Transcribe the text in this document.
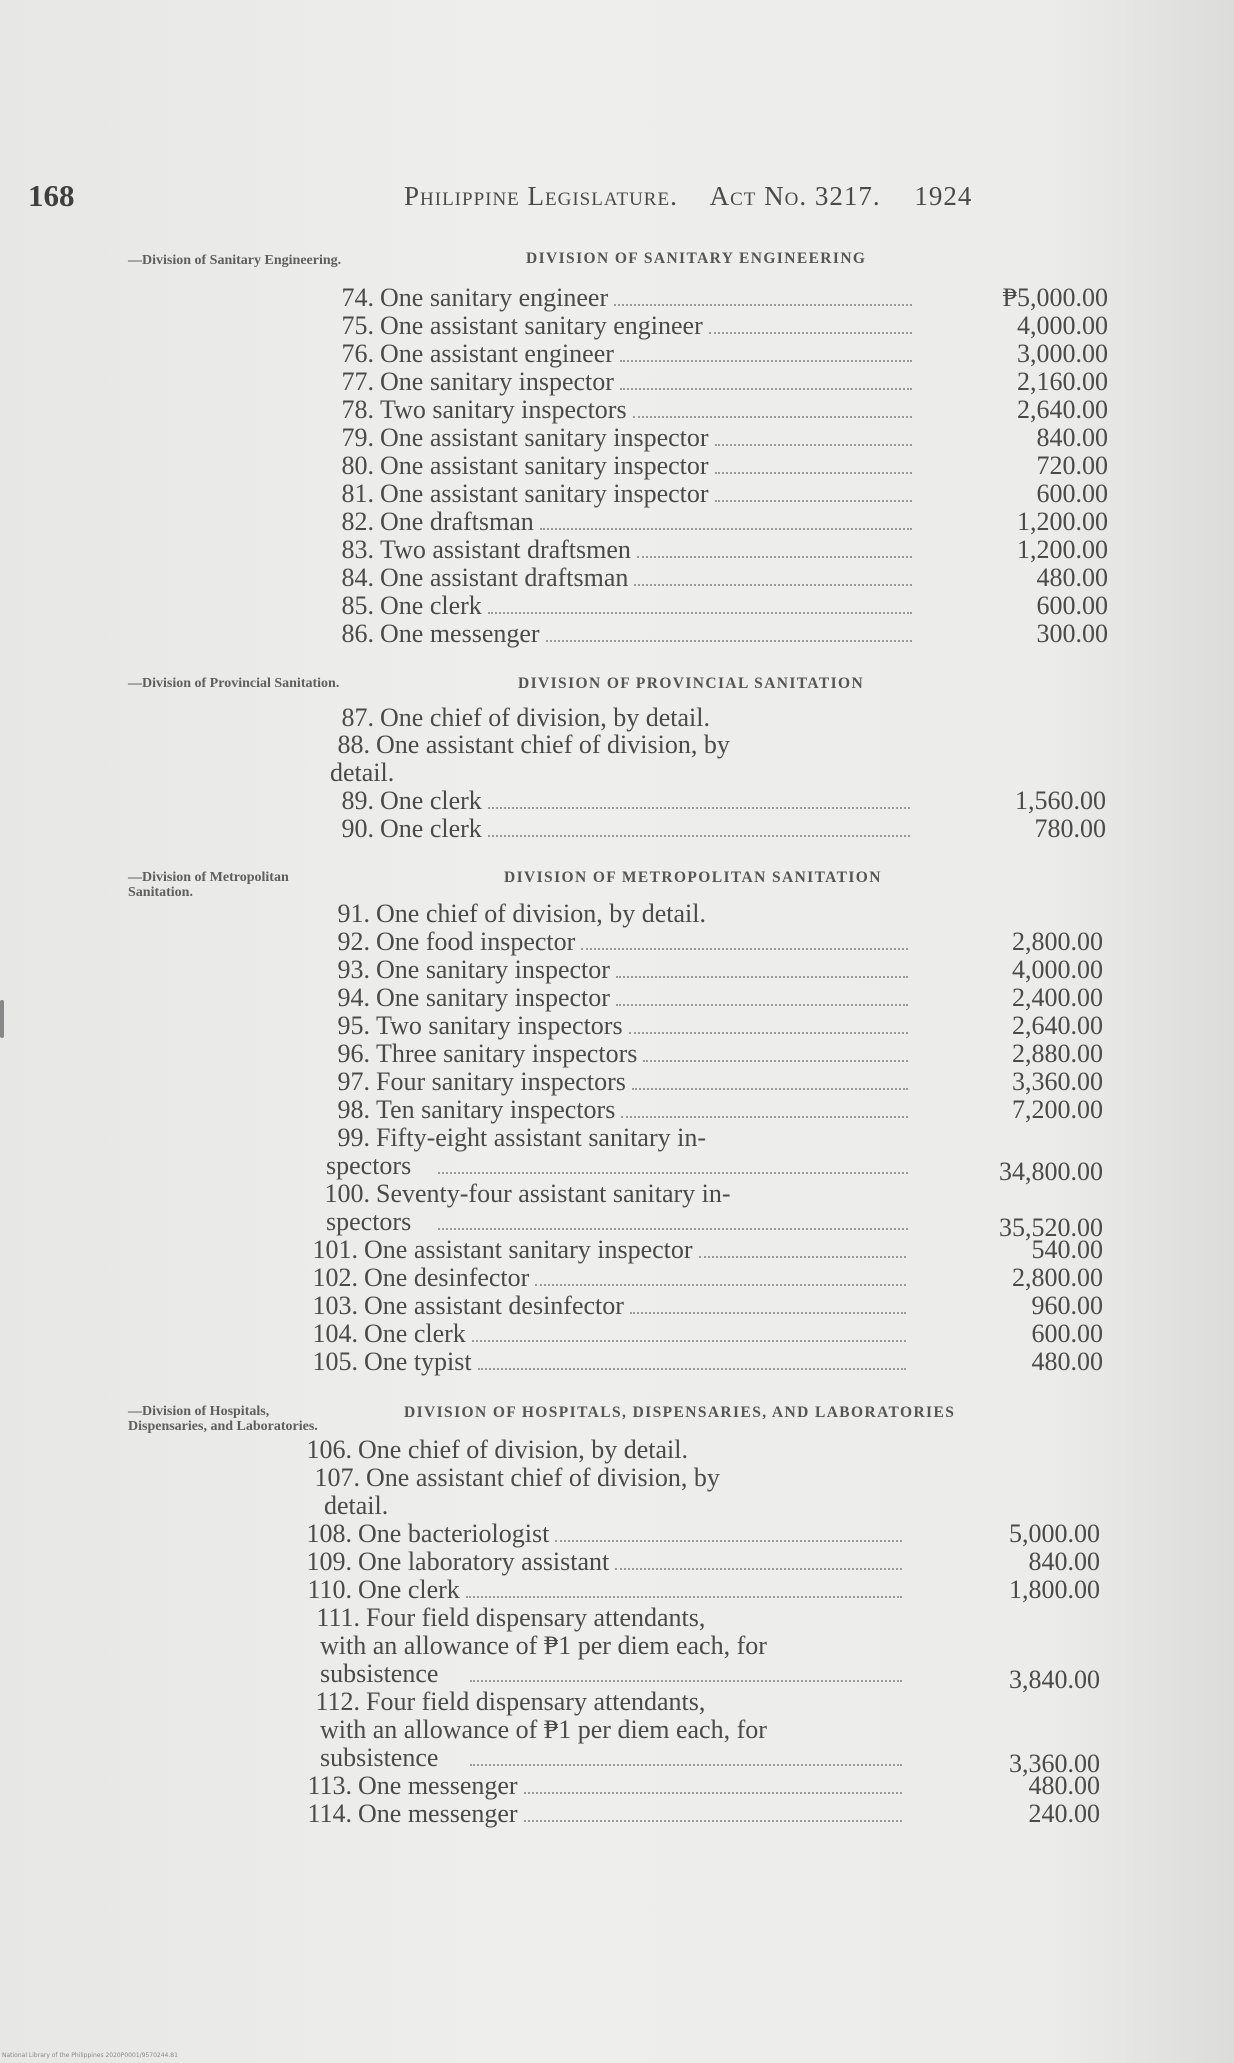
168	Philippine Legislature. Act No. 3217. 1924
—Division of Sanitary Engineering.	DIVISION OF SANITARY ENGINEERING
74. One sanitary engineer	₱5,000.00
75. One assistant sanitary engineer	4,000.00
76. One assistant engineer	3,000.00
77. One sanitary inspector	2,160.00
78. Two sanitary inspectors	2,640.00
79. One assistant sanitary inspector	840.00
80. One assistant sanitary inspector	720.00
81. One assistant sanitary inspector	600.00
82. One draftsman	1,200.00
83. Two assistant draftsmen	1,200.00
84. One assistant draftsman	480.00
85. One clerk	600.00
86. One messenger	300.00
—Division of Provincial Sanitation.	DIVISION OF PROVINCIAL SANITATION
87. One chief of division, by detail.
88. One assistant chief of division, by
detail.
89. One clerk	1,560.00
90. One clerk	780.00
—Division of Metropolitan Sanitation.
DIVISION OF METROPOLITAN SANITATION
91. One chief of division, by detail.
92. One food inspector	2,800.00
93. One sanitary inspector	4,000.00
94. One sanitary inspector	2,400.00
95. Two sanitary inspectors	2,640.00
96. Three sanitary inspectors	2,880.00
97. Four sanitary inspectors	3,360.00
98. Ten sanitary inspectors	7,200.00
99. Fifty-eight assistant sanitary in-
spectors	34,800.00
100. Seventy-four assistant sanitary in-
spectors	35,520.00
101. One assistant sanitary inspector	540.00
102. One desinfector	2,800.00
103. One assistant desinfector	960.00
104. One clerk	600.00
105. One typist	480.00
—Division of Hospitals, Dispensaries, and Laboratories.
DIVISION OF HOSPITALS, DISPENSARIES, AND LABORATORIES
106. One chief of division, by detail.
107. One assistant chief of division, by
detail.
108. One bacteriologist	5,000.00
109. One laboratory assistant	840.00
110. One clerk	1,800.00
111. Four field dispensary attendants,
with an allowance of ₱1 per diem each, for
subsistence	3,840.00
112. Four field dispensary attendants,
with an allowance of ₱1 per diem each, for
subsistence	3,360.00
113. One messenger	480.00
114. One messenger	240.00
National Library of the Philippines 2020P0001/9570244.81
